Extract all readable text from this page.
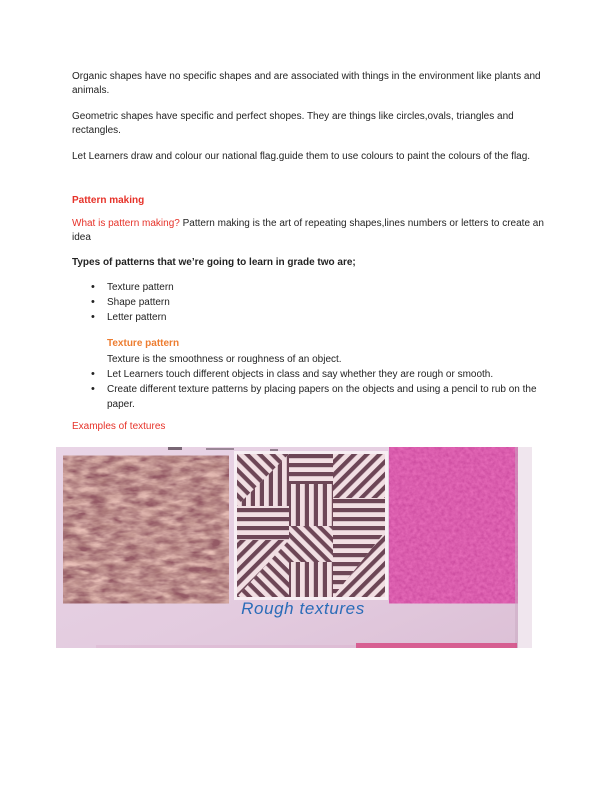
Organic shapes have no specific shapes and are associated with things in the environment like plants and animals.

Geometric shapes have specific and perfect shopes. They are things like circles,ovals, triangles and rectangles.

Let Learners draw and colour our national flag.guide them to use colours to paint the colours of the flag.

Pattern making

What is pattern making? Pattern making is the art of repeating shapes,lines numbers or letters to create an idea

Types of patterns that we’re going to learn in grade two are;

• Texture pattern
• Shape pattern
• Letter pattern

Texture pattern

Texture is the smoothness or roughness of an object.

• Let Learners touch different objects in class and say whether they are rough or smooth.
• Create different texture patterns by placing papers on the objects and using a pencil to rub on the paper.

Examples of textures

Rough textures
